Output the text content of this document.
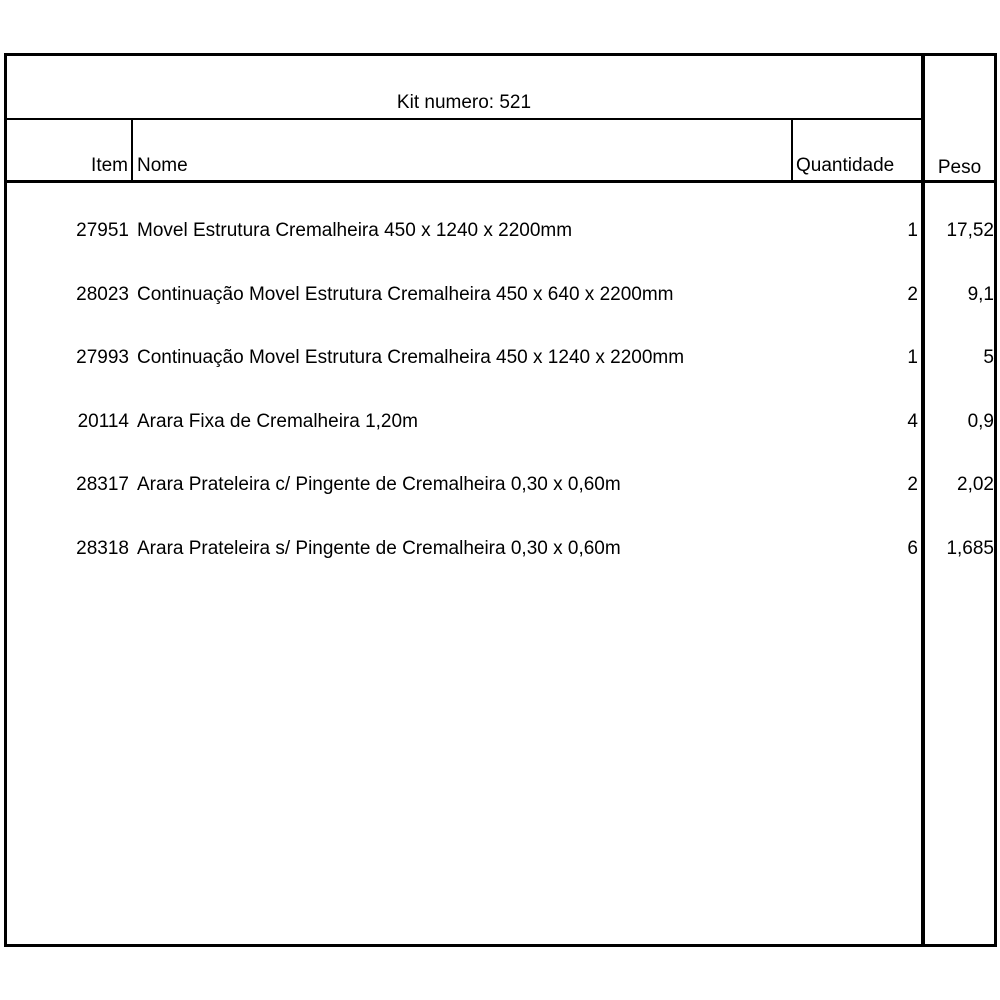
Kit numero: 521
Item Nome	Quantidade	Peso
27951 Movel Estrutura Cremalheira 450 x 1240 x 2200mm	1	17,52
28023 Continuação Movel Estrutura Cremalheira 450 x 640 x 2200mm	2	9,1
27993 Continuação Movel Estrutura Cremalheira 450 x 1240 x 2200mm	1	5
20114 Arara Fixa de Cremalheira 1,20m	4	0,9
28317 Arara Prateleira c/ Pingente de Cremalheira 0,30 x 0,60m	2	2,02
28318 Arara Prateleira s/ Pingente de Cremalheira 0,30 x 0,60m	6	1,685
